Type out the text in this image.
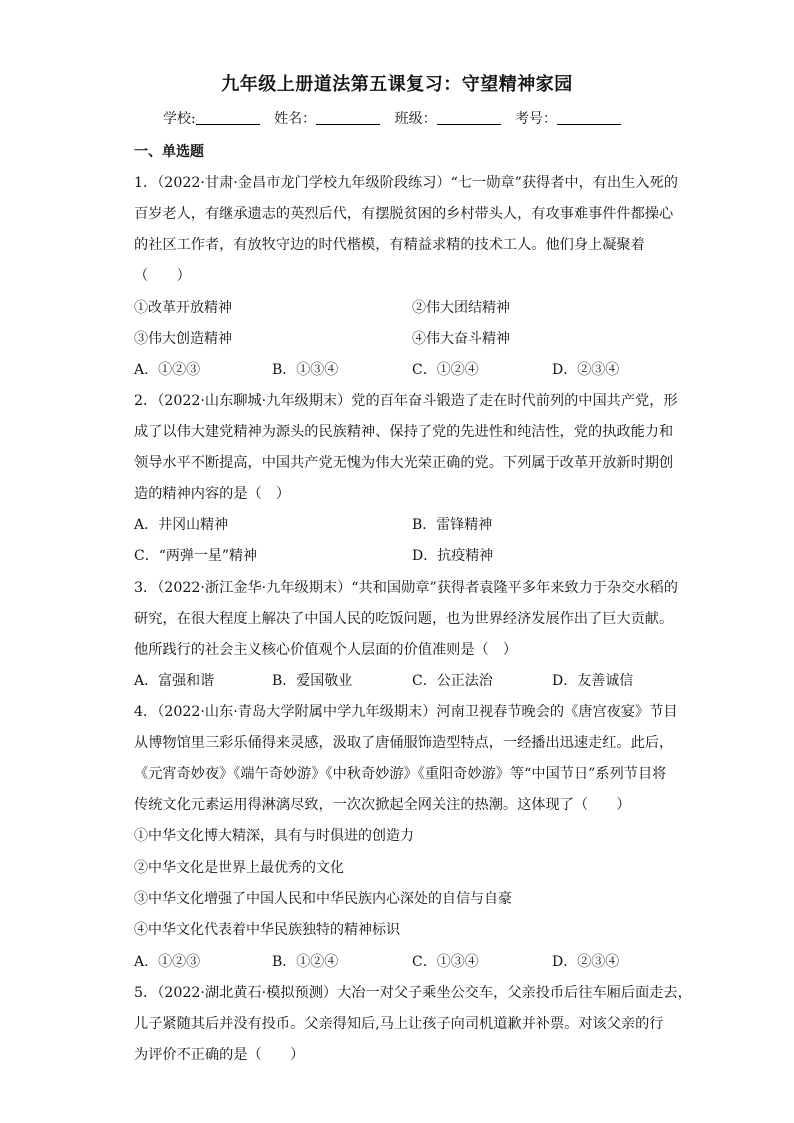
九年级上册道法第五课复习：守望精神家园
学校:	姓名：	班级：	考号：
一、单选题
1．（2022·甘肃·金昌市龙门学校九年级阶段练习）“七一勋章”获得者中，有出生入死的
百岁老人，有继承遗志的英烈后代，有摆脱贫困的乡村带头人，有攻事难事件件都操心
的社区工作者，有放牧守边的时代楷模，有精益求精的技术工人。他们身上凝聚着
（　　）
①改革开放精神	②伟大团结精神
③伟大创造精神	④伟大奋斗精神
A．①②③	B．①③④	C．①②④	D．②③④
2．（2022·山东聊城·九年级期末）党的百年奋斗锻造了走在时代前列的中国共产党，形
成了以伟大建党精神为源头的民族精神、保持了党的先进性和纯洁性，党的执政能力和
领导水平不断提高，中国共产党无愧为伟大光荣正确的党。下列属于改革开放新时期创
造的精神内容的是（　）
A．井冈山精神	B．雷锋精神
C．“两弹一星”精神	D．抗疫精神
3．（2022·浙江金华·九年级期末）“共和国勋章”获得者袁隆平多年来致力于杂交水稻的
研究，在很大程度上解决了中国人民的吃饭问题，也为世界经济发展作出了巨大贡献。
他所践行的社会主义核心价值观个人层面的价值准则是（　）
A．富强和谐	B．爱国敬业	C．公正法治	D．友善诚信
4．（2022·山东·青岛大学附属中学九年级期末）河南卫视春节晚会的《唐宫夜宴》节目
从博物馆里三彩乐俑得来灵感，汲取了唐俑服饰造型特点，一经播出迅速走红。此后，
《元宵奇妙夜》《端午奇妙游》《中秋奇妙游》《重阳奇妙游》等“中国节日”系列节目将
传统文化元素运用得淋漓尽致，一次次掀起全网关注的热潮。这体现了（　　）
①中华文化博大精深，具有与时俱进的创造力
②中华文化是世界上最优秀的文化
③中华文化增强了中国人民和中华民族内心深处的自信与自豪
④中华文化代表着中华民族独特的精神标识
A．①②③	B．①②④	C．①③④	D．②③④
5．（2022·湖北黄石·模拟预测）大冶一对父子乘坐公交车，父亲投币后往车厢后面走去，
儿子紧随其后并没有投币。父亲得知后,马上让孩子向司机道歉并补票。对该父亲的行
为评价不正确的是（　　）
